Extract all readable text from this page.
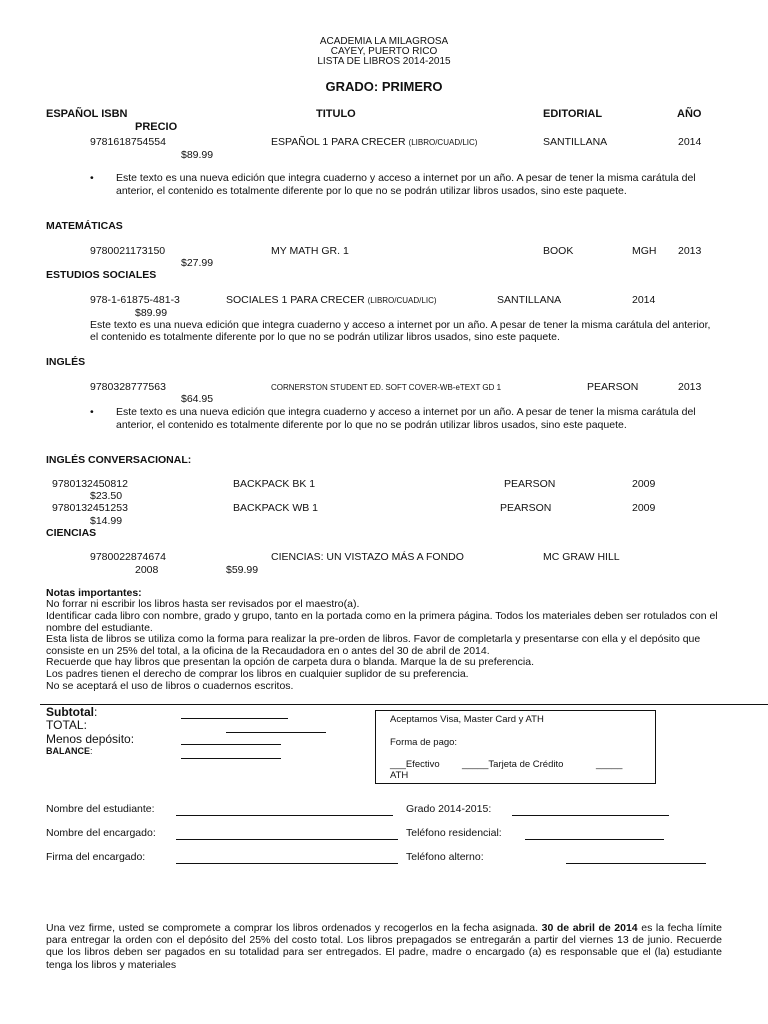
ACADEMIA LA MILAGROSA
CAYEY, PUERTO RICO
LISTA DE LIBROS 2014-2015
GRADO: PRIMERO
ESPAÑOL ISBN	TITULO	EDITORIAL	AÑO
PRECIO
9781618754554	ESPAÑOL 1 PARA CRECER (LIBRO/CUAD/LIC)	SANTILLANA	2014
$89.99
• Este texto es una nueva edición que integra cuaderno y acceso a internet por un año. A pesar de tener la misma carátula del anterior, el contenido es totalmente diferente por lo que no se podrán utilizar libros usados, sino este paquete.
MATEMÁTICAS
9780021173150	MY MATH GR. 1	BOOK	MGH 2013
$27.99
ESTUDIOS SOCIALES
978-1-61875-481-3	SOCIALES 1 PARA CRECER (LIBRO/CUAD/LIC)	SANTILLANA	2014
$89.99
Este texto es una nueva edición que integra cuaderno y acceso a internet por un año. A pesar de tener la misma carátula del anterior, el contenido es totalmente diferente por lo que no se podrán utilizar libros usados, sino este paquete.
INGLÉS
9780328777563	CORNERSTON STUDENT ED. SOFT COVER-WB-eTEXT GD 1	PEARSON	2013
$64.95
• Este texto es una nueva edición que integra cuaderno y acceso a internet por un año. A pesar de tener la misma carátula del anterior, el contenido es totalmente diferente por lo que no se podrán utilizar libros usados, sino este paquete.
INGLÉS CONVERSACIONAL:
9780132450812	BACKPACK BK 1	PEARSON	2009
$23.50
9780132451253	BACKPACK WB 1	PEARSON	2009
$14.99
CIENCIAS
9780022874674	CIENCIAS: UN VISTAZO MÁS A FONDO	MC GRAW HILL
2008	$59.99
Notas importantes:
No forrar ni escribir los libros hasta ser revisados por el maestro(a).
Identificar cada libro con nombre, grado y grupo, tanto en la portada como en la primera página. Todos los materiales deben ser rotulados con el nombre del estudiante.
Esta lista de libros se utiliza como la forma para realizar la pre-orden de libros. Favor de completarla y presentarse con ella y el depósito que consiste en un 25% del total, a la oficina de la Recaudadora en o antes del 30 de abril de 2014.
Recuerde que hay libros que presentan la opción de carpeta dura o blanda. Marque la de su preferencia.
Los padres tienen el derecho de comprar los libros en cualquier suplidor de su preferencia.
No se aceptará el uso de libros o cuadernos escritos.
Subtotal:
TOTAL:
Menos depósito:
BALANCE:
Aceptamos Visa, Master Card y ATH
Forma de pago:
___Efectivo _____Tarjeta de Crédito	_____
ATH
Nombre del estudiante:	Grado 2014-2015:
Nombre del encargado:	Teléfono residencial:
Firma del encargado:	Teléfono alterno:
Una vez firme, usted se compromete a comprar los libros ordenados y recogerlos en la fecha asignada. 30 de abril de 2014 es la fecha límite para entregar la orden con el depósito del 25% del costo total. Los libros prepagados se entregarán a partir del viernes 13 de junio. Recuerde que los libros deben ser pagados en su totalidad para ser entregados. El padre, madre o encargado (a) es responsable que el (la) estudiante tenga los libros y materiales
